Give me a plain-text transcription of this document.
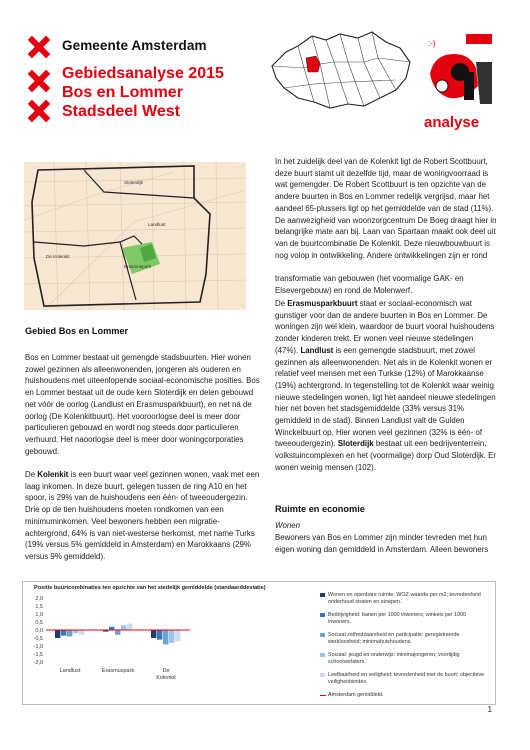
Gemeente Amsterdam
Gebiedsanalyse 2015
Bos en Lommer
Stadsdeel West
:-)
analyse
Sloterdijk
Landlust
De Kolenkit
Erasmuspark
Gebied Bos en Lommer
Bos en Lommer bestaat uit gemengde stadsbuurten. Hier wonen zowel gezinnen als alleenwonenden, jongeren als ouderen en huishoudens met uiteenlopende sociaal-economische posities. Bos en Lommer bestaat uit de oude kern Sloterdijk en delen gebouwd net vóór de oorlog (Landlust en Erasmusparkbuurt), en net ná de oorlog (De Kolenkitbuurt). Het vooroorlogse deel is meer door particulieren gebouwd en wordt nog steeds door particulieren verhuurd. Het naoorlogse deel is meer door woningcorporaties gebouwd.
De Kolenkit is een buurt waar veel gezinnen wonen, vaak met een laag inkomen. In deze buurt, gelegen tussen de ring A10 en het spoor, is 29% van de huishoudens een één- of tweeoudergezin. Drie op de tien huishoudens moeten rondkomen van een minimuminkomen. Veel bewoners hebben een migratie-achtergrond, 64% is van niet-westerse herkomst, met name Turks (19% versus 5% gemiddeld in Amsterdam) en Marokkaans (29% versus 9% gemiddeld).
In het zuidelijk deel van de Kolenkit ligt de Robert Scottbuurt, deze buurt stamt uit dezelfde tijd, maar de woningvoorraad is wat gemengder. De Robert Scottbuurt is ten opzichte van de andere buurten in Bos en Lommer redelijk vergrijsd, maar het aandeel 65-plussers ligt op het gemiddelde van de stad (11%). De aanwezigheid van woonzorgcentrum De Boeg draagt hier in belangrijke mate aan bij. Laan van Spartaan maakt ook deel uit van de buurtcombinatie De Kolenkit. Deze nieuwbouwbuurt is nog volop in ontwikkeling. Andere ontwikkelingen zijn er rond
transformatie van gebouwen (het voormalige GAK- en Elsevergebouw) en rond de Molenwerf.
De Erasmusparkbuurt staat er sociaal-economisch wat gunstiger voor dan de andere buurten in Bos en Lommer. De woningen zijn wel klein, waardoor de buurt vooral huishoudens zonder kinderen trekt. Er wonen veel nieuwe stedelingen (47%). Landlust is een gemengde stadsbuurt, met zowel gezinnen als alleenwonenden. Net als in de Kolenkit wonen er relatief veel mensen met een Turkse (12%) of Marokkaanse (19%) achtergrond. In tegenstelling tot de Kolenkit waar weinig nieuwe stedelingen wonen, ligt het aandeel nieuwe stedelingen hier net boven het stadsgemiddelde (33% versus 31% gemiddeld in de stad). Binnen Landlust valt de Gulden Winckelbuurt op. Hier wonen veel gezinnen (32% is één- of tweeoudergezin). Sloterdijk bestaat uit een bedrijventerrein, volkstuincomplexen en het (voormalige) dorp Oud Sloterdijk. Er wonen weinig mensen (102).
Ruimte en economie
Wonen
Bewoners van Bos en Lommer zijn minder tevreden met hun eigen woning dan gemiddeld in Amsterdam. Alleen bewoners
Positie buurtcombinaties ten opzichte van het stedelijk gemiddelde (standaarddeviatie)
2,0
1,5
1,0
0,5
0,0
-0,5
-1,0
-1,5
-2,0
Landlust	Erasmuspark	De
Kolenkit
Wonen en openbare ruimte: WOZ-waarde per m2; tevredenheid onderhoud straten en stoepen.
Bedrijvigheid: banen per 1000 inwoners; winkels per 1000 inwoners.
Sociaal zelfredzaamheid en participatie: geregistreerde werkloosheid; minimahuishoudens.
Sociaal: jeugd en onderwijs: minimajongeren; voortijdig schoolverlaters.
Leefbaarheid en veiligheid: tevredenheid met de buurt; objectieve veiligheidsindex.
Amsterdam gemiddeld.
1
